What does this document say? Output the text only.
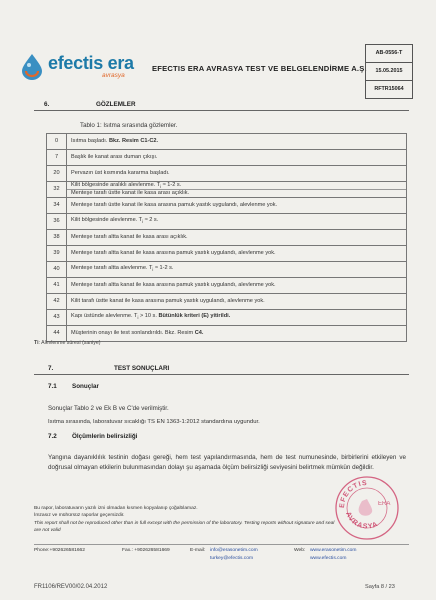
efectis era
avrasya
EFECTIS ERA AVRASYA TEST VE BELGELENDİRME A.Ş.
AB-0556-T
15.05.2015
RFTR15064
6.	GÖZLEMLER
Tablo 1: Isıtma sırasında gözlemler.
0	Isıtma başladı. Bkz. Resim C1-C2.
7	Başlık ile kanat arası duman çıkışı.
20	Pervazın üst kısmında kararma başladı.
32	Kilit bölgesinde aralıklı alevlenme. $T_i \approx 1-2$ s.
Menteşe tarafı üstte kanat ile kasa arası açıklık.

34	Menteşe tarafı üstte kanat ile kasa arasına pamuk yastık uygulandı, alevlenme yok.
36	Kilit bölgesinde alevlenme. $T_i \approx 2$ s.
38	Menteşe tarafı altta kanat ile kasa arası açıklık.
39	Menteşe tarafı altta kanat ile kasa arasına pamuk yastık uygulandı, alevlenme yok.
40	Menteşe tarafı altta alevlenme. $T_i \approx 1-2$ s.
41	Menteşe tarafı altta kanat ile kasa arasına pamuk yastık uygulandı, alevlenme yok.
42	Kilit tarafı üstte kanat ile kasa arasına pamuk yastık uygulandı, alevlenme yok.
43	Kapı üstünde alevlenme. $T_i > 10$ s. Bütünlük kriteri (E) yitirildi.
44	Müşterinin onayı ile test sonlandırıldı. Bkz. Resim C4.
Ti: Alevlenme süresi (saniye)
7.	TEST SONUÇLARI
7.1 Sonuçlar
Sonuçlar Tablo 2 ve Ek B ve C'de verilmiştir.
Isıtma sırasında, laboratuvar sıcaklığı TS EN 1363-1:2012 standardına uygundur.
7.2 Ölçümlerin belirsizliği
Yangına dayanıklılık testinin doğası gereği, hem test yapılandırmasında, hem de test numunesinde, birbirlerini etkileyen ve doğrusal olmayan etkilerin bulunmasından dolayı şu aşamada ölçüm belirsizliği seviyesini belirtmek mümkün değildir.
EFECTIS
AVRASYA
ERA
Bu rapor, laboratuvarın yazılı izni olmadan kısmen kopyalanıp çoğaltılamaz.
İmzasız ve mühürsüz raporlar geçersizdir.
This report shall not be reproduced other than in full except with the permission of the laboratory. Testing reports without signature and seal
are not valid
Phone:+902626581662	Fax.: +902626581669	E-mail: info@erasonetim.com
turkey@efectis.com
Web: www.erasonetim.com
www.efectis.com
FR1106/REV00/02.04.2012	Sayfa 8 / 23
